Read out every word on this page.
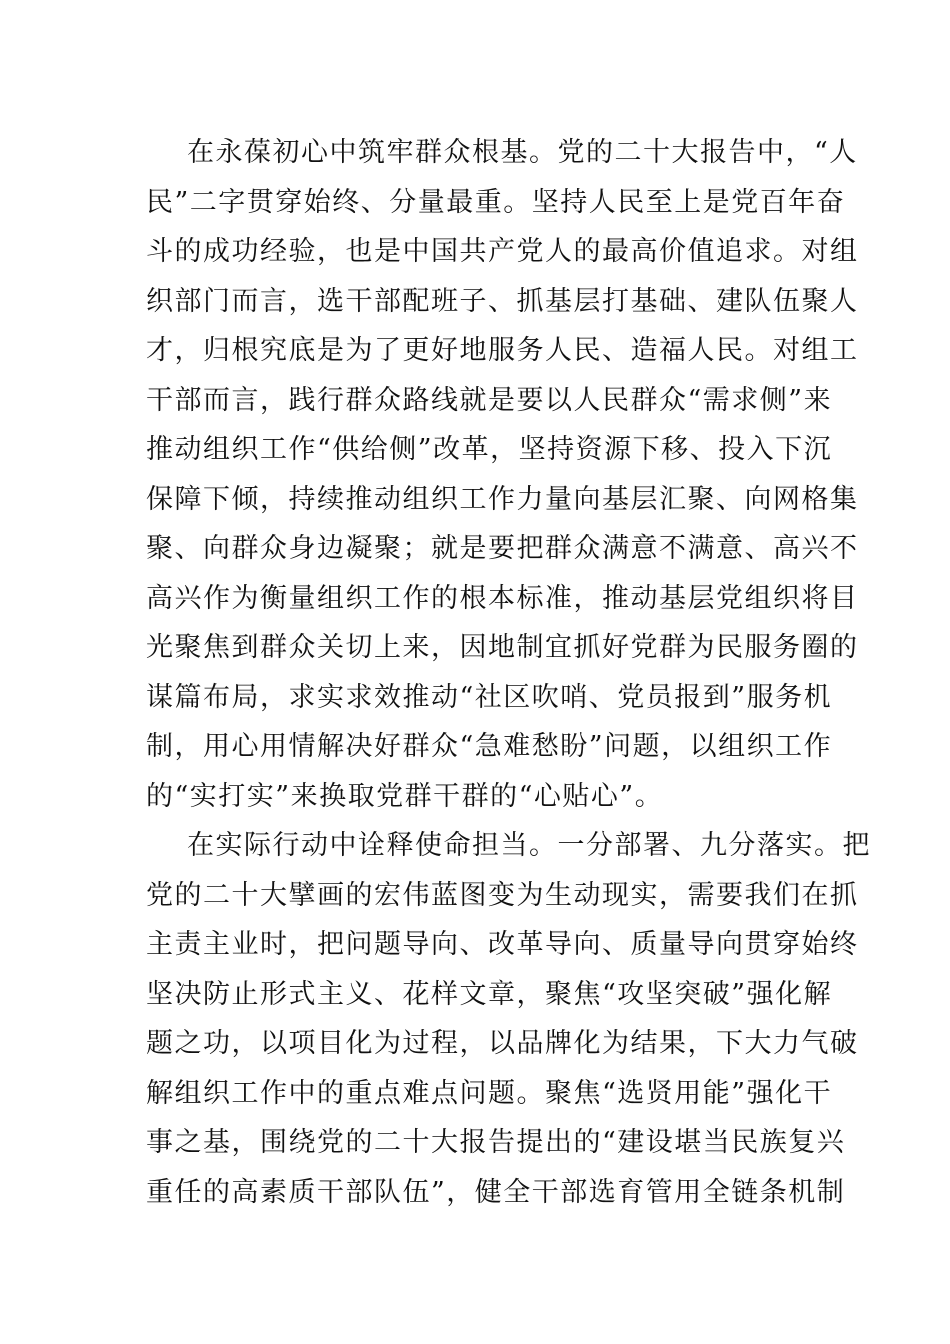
在永葆初心中筑牢群众根基。党的二十大报告中，“人
民”二字贯穿始终、分量最重。坚持人民至上是党百年奋
斗的成功经验，也是中国共产党人的最高价值追求。对组
织部门而言，选干部配班子、抓基层打基础、建队伍聚人
才，归根究底是为了更好地服务人民、造福人民。对组工
干部而言，践行群众路线就是要以人民群众“需求侧”来
推动组织工作“供给侧”改革，坚持资源下移、投入下沉
保障下倾，持续推动组织工作力量向基层汇聚、向网格集
聚、向群众身边凝聚；就是要把群众满意不满意、高兴不
高兴作为衡量组织工作的根本标准，推动基层党组织将目
光聚焦到群众关切上来，因地制宜抓好党群为民服务圈的
谋篇布局，求实求效推动“社区吹哨、党员报到”服务机
制，用心用情解决好群众“急难愁盼”问题，以组织工作
的“实打实”来换取党群干群的“心贴心”。
在实际行动中诠释使命担当。一分部署、九分落实。把
党的二十大擘画的宏伟蓝图变为生动现实，需要我们在抓
主责主业时，把问题导向、改革导向、质量导向贯穿始终
坚决防止形式主义、花样文章，聚焦“攻坚突破”强化解
题之功，以项目化为过程，以品牌化为结果，下大力气破
解组织工作中的重点难点问题。聚焦“选贤用能”强化干
事之基，围绕党的二十大报告提出的“建设堪当民族复兴
重任的高素质干部队伍”，健全干部选育管用全链条机制
